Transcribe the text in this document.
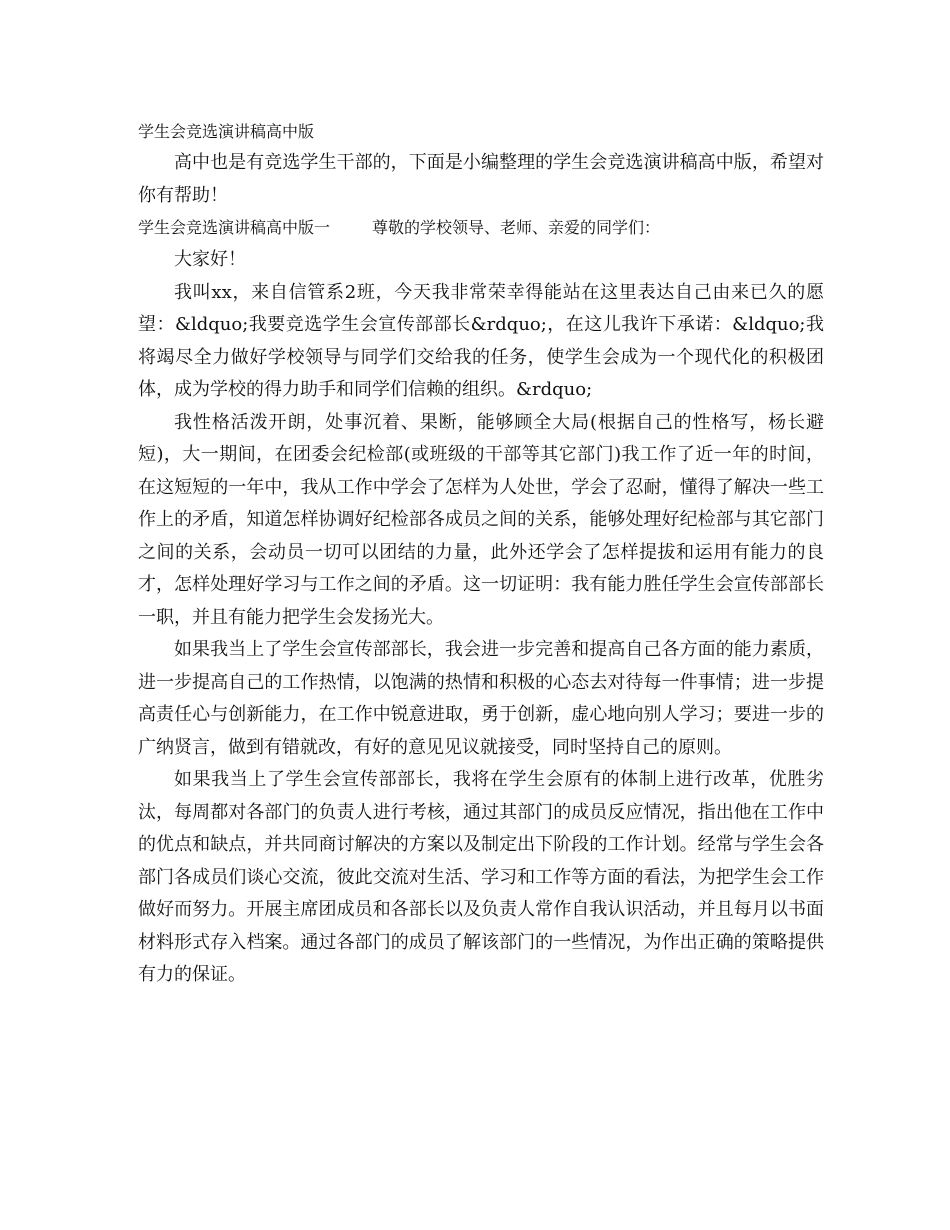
学生会竞选演讲稿高中版

高中也是有竞选学生干部的，下面是小编整理的学生会竞选演讲稿高中版，希望对你有帮助！

学生会竞选演讲稿高中版一	尊敬的学校领导、老师、亲爱的同学们：

大家好！

我叫xx，来自信管系2班，今天我非常荣幸得能站在这里表达自己由来已久的愿望：&ldquo;我要竞选学生会宣传部部长&rdquo;，在这儿我许下承诺：&ldquo;我将竭尽全力做好学校领导与同学们交给我的任务，使学生会成为一个现代化的积极团体，成为学校的得力助手和同学们信赖的组织。&rdquo;

我性格活泼开朗，处事沉着、果断，能够顾全大局(根据自己的性格写，杨长避短)，大一期间，在团委会纪检部(或班级的干部等其它部门)我工作了近一年的时间，在这短短的一年中，我从工作中学会了怎样为人处世，学会了忍耐，懂得了解决一些工作上的矛盾，知道怎样协调好纪检部各成员之间的关系，能够处理好纪检部与其它部门之间的关系，会动员一切可以团结的力量，此外还学会了怎样提拔和运用有能力的良才，怎样处理好学习与工作之间的矛盾。这一切证明：我有能力胜任学生会宣传部部长一职，并且有能力把学生会发扬光大。

如果我当上了学生会宣传部部长，我会进一步完善和提高自己各方面的能力素质，进一步提高自己的工作热情，以饱满的热情和积极的心态去对待每一件事情；进一步提高责任心与创新能力，在工作中锐意进取，勇于创新，虚心地向别人学习；要进一步的广纳贤言，做到有错就改，有好的意见见议就接受，同时坚持自己的原则。

如果我当上了学生会宣传部部长，我将在学生会原有的体制上进行改革，优胜劣汰，每周都对各部门的负责人进行考核，通过其部门的成员反应情况，指出他在工作中的优点和缺点，并共同商讨解决的方案以及制定出下阶段的工作计划。经常与学生会各部门各成员们谈心交流，彼此交流对生活、学习和工作等方面的看法，为把学生会工作做好而努力。开展主席团成员和各部长以及负责人常作自我认识活动，并且每月以书面材料形式存入档案。通过各部门的成员了解该部门的一些情况，为作出正确的策略提供有力的保证。
